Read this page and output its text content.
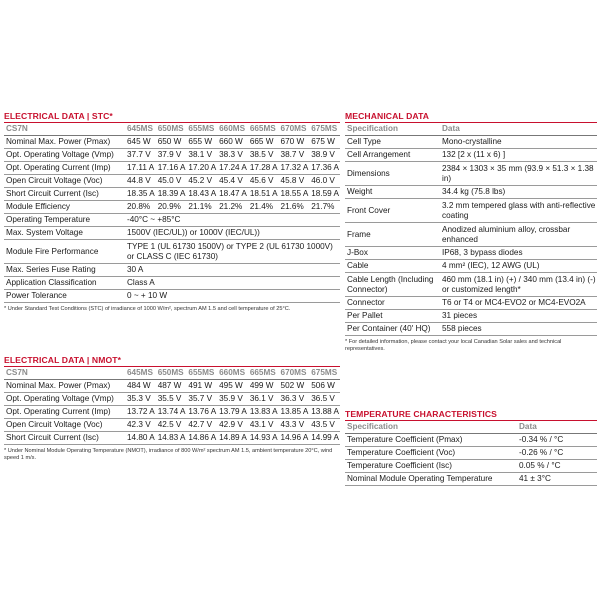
ELECTRICAL DATA | STC*
CS7N	645MS	650MS	655MS	660MS	665MS	670MS	675MS
Nominal Max. Power (Pmax)	645 W	650 W	655 W	660 W	665 W	670 W	675 W
Opt. Operating Voltage (Vmp)	37.7 V	37.9 V	38.1 V	38.3 V	38.5 V	38.7 V	38.9 V
Opt. Operating Current (Imp)	17.11 A	17.16 A	17.20 A	17.24 A	17.28 A	17.32 A	17.36 A
Open Circuit Voltage (Voc)	44.8 V	45.0 V	45.2 V	45.4 V	45.6 V	45.8 V	46.0 V
Short Circuit Current (Isc)	18.35 A	18.39 A	18.43 A	18.47 A	18.51 A	18.55 A	18.59 A
Module Efficiency	20.8%	20.9%	21.1%	21.2%	21.4%	21.6%	21.7%
Operating Temperature	-40°C ~ +85°C						
Max. System Voltage	1500V (IEC/UL)) or 1000V (IEC/UL))						
Module Fire Performance	TYPE 1 (UL 61730 1500V) or TYPE 2 (UL 61730 1000V) or CLASS C (IEC 61730)						
Max. Series Fuse Rating	30 A						
Application Classification	Class A						
Power Tolerance	0 ~ + 10 W						
* Under Standard Test Conditions (STC) of irradiance of 1000 W/m², spectrum AM 1.5 and cell temperature of 25°C.
ELECTRICAL DATA | NMOT*
CS7N	645MS	650MS	655MS	660MS	665MS	670MS	675MS
Nominal Max. Power (Pmax)	484 W	487 W	491 W	495 W	499 W	502 W	506 W
Opt. Operating Voltage (Vmp)	35.3 V	35.5 V	35.7 V	35.9 V	36.1 V	36.3 V	36.5 V
Opt. Operating Current (Imp)	13.72 A	13.74 A	13.76 A	13.79 A	13.83 A	13.85 A	13.88 A
Open Circuit Voltage (Voc)	42.3 V	42.5 V	42.7 V	42.9 V	43.1 V	43.3 V	43.5 V
Short Circuit Current (Isc)	14.80 A	14.83 A	14.86 A	14.89 A	14.93 A	14.96 A	14.99 A
* Under Nominal Module Operating Temperature (NMOT), irradiance of 800 W/m² spectrum AM 1.5, ambient temperature 20°C, wind speed 1 m/s.
MECHANICAL DATA
Specification	Data
Cell Type	Mono-crystalline
Cell Arrangement	132 [2 x (11 x 6) ]
Dimensions	2384 × 1303 × 35 mm (93.9 × 51.3 × 1.38 in)
Weight	34.4 kg (75.8 lbs)
Front Cover	3.2 mm tempered glass with anti-reflective coating
Frame	Anodized aluminium alloy, crossbar enhanced
J-Box	IP68, 3 bypass diodes
Cable	4 mm² (IEC), 12 AWG (UL)
Cable Length (Including Connector)	460 mm (18.1 in) (+) / 340 mm (13.4 in) (-) or customized length*
Connector	T6 or T4 or MC4-EVO2 or MC4-EVO2A
Per Pallet	31 pieces
Per Container (40' HQ)	558 pieces
* For detailed information, please contact your local Canadian Solar sales and technical representatives.
TEMPERATURE CHARACTERISTICS
Specification	Data
Temperature Coefficient (Pmax)	-0.34 % / °C
Temperature Coefficient (Voc)	-0.26 % / °C
Temperature Coefficient (Isc)	0.05 % / °C
Nominal Module Operating Temperature	41 ± 3°C
